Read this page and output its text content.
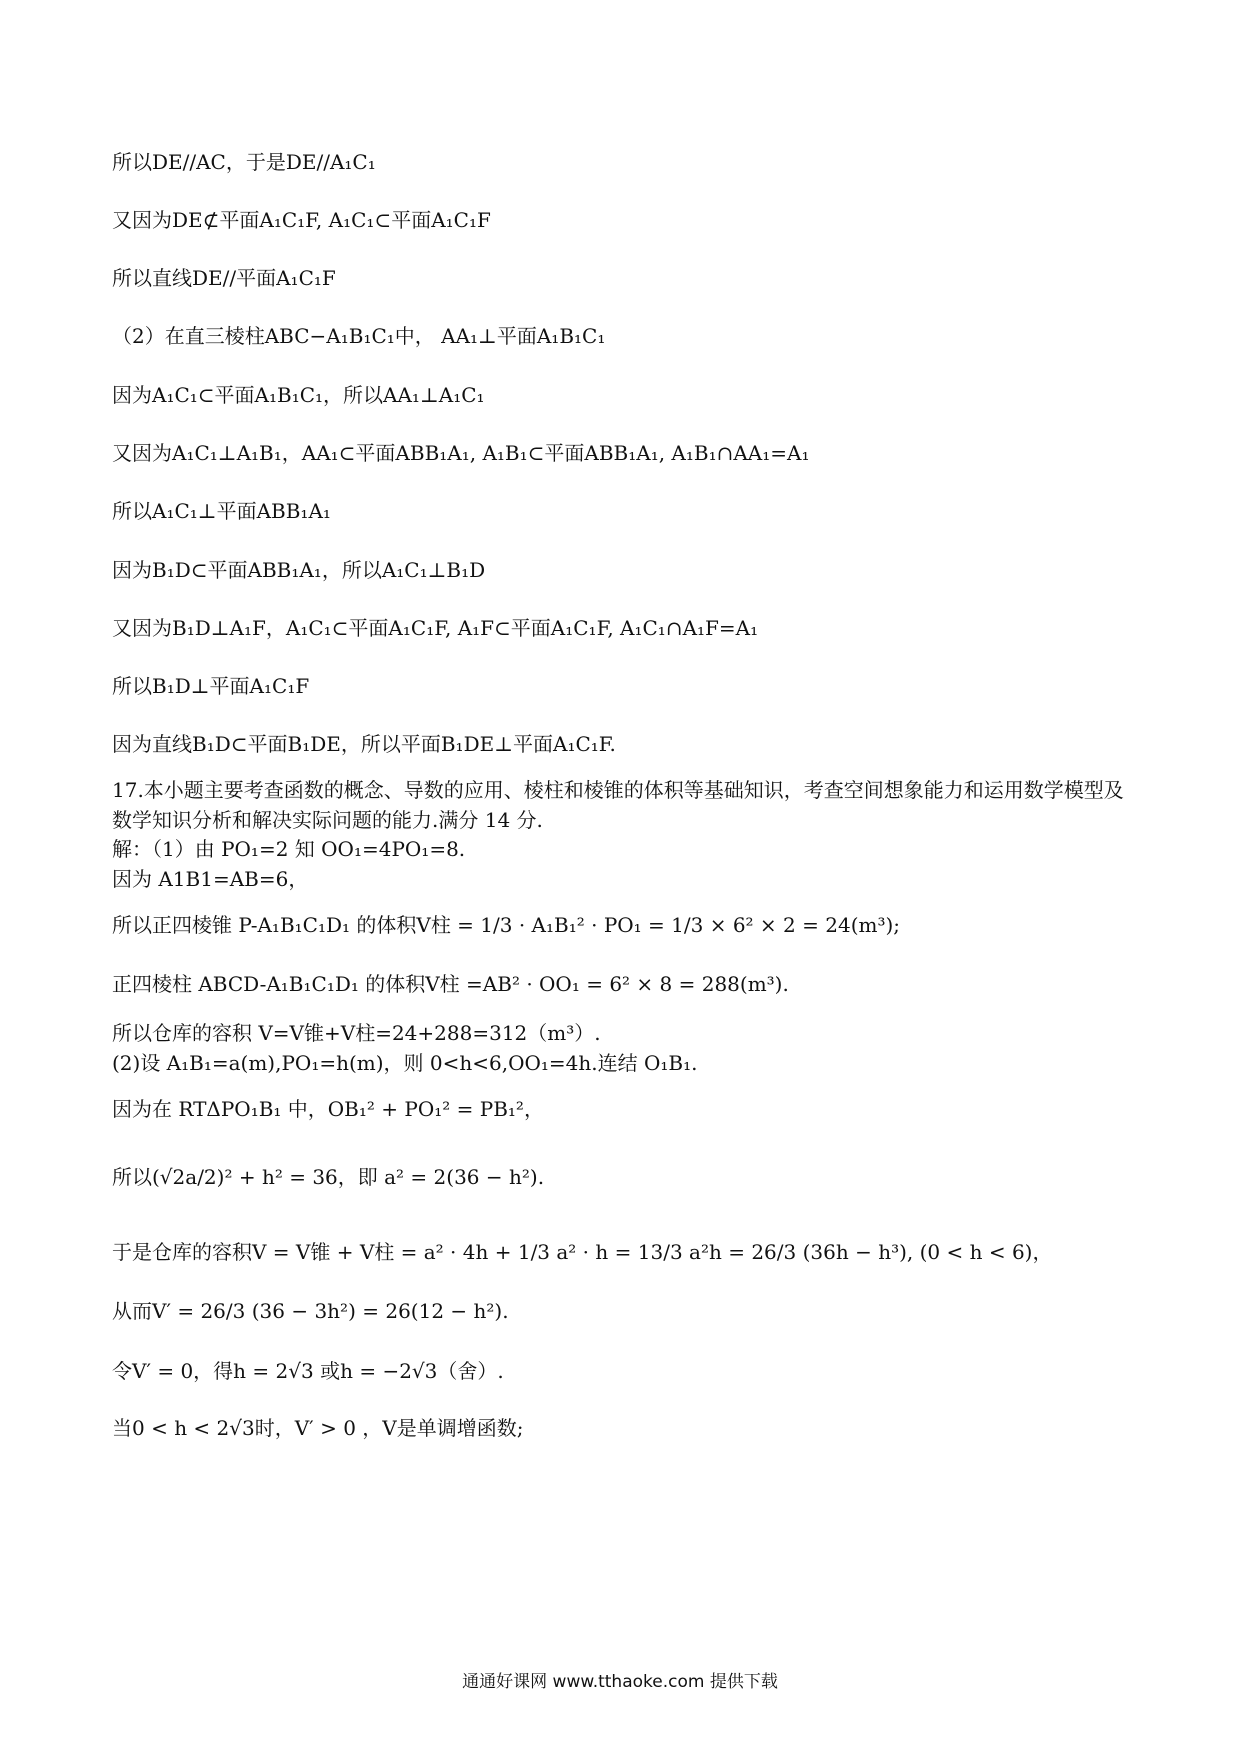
所以DE//AC，于是DE//A₁C₁
又因为DE⊄平面A₁C₁F, A₁C₁⊂平面A₁C₁F
所以直线DE//平面A₁C₁F
（2）在直三棱柱ABC−A₁B₁C₁中， AA₁⊥平面A₁B₁C₁
因为A₁C₁⊂平面A₁B₁C₁，所以AA₁⊥A₁C₁
又因为A₁C₁⊥A₁B₁，AA₁⊂平面ABB₁A₁, A₁B₁⊂平面ABB₁A₁, A₁B₁∩AA₁=A₁
所以A₁C₁⊥平面ABB₁A₁
因为B₁D⊂平面ABB₁A₁，所以A₁C₁⊥B₁D
又因为B₁D⊥A₁F，A₁C₁⊂平面A₁C₁F, A₁F⊂平面A₁C₁F, A₁C₁∩A₁F=A₁
所以B₁D⊥平面A₁C₁F
因为直线B₁D⊂平面B₁DE，所以平面B₁DE⊥平面A₁C₁F.
17.本小题主要考查函数的概念、导数的应用、棱柱和棱锥的体积等基础知识，考查空间想象能力和运用数学模型及数学知识分析和解决实际问题的能力.满分 14 分.
解：（1）由 PO₁=2 知 OO₁=4PO₁=8.
因为 A1B1=AB=6，
所以正四棱锥 P-A₁B₁C₁D₁ 的体积V柱 = 1/3 · A₁B₁² · PO₁ = 1/3 × 6² × 2 = 24(m³);
正四棱柱 ABCD-A₁B₁C₁D₁ 的体积V柱 =AB² · OO₁ = 6² × 8 = 288(m³).
所以仓库的容积 V=V锥+V柱=24+288=312（m³）.
(2)设 A₁B₁=a(m),PO₁=h(m)，则 0<h<6,OO₁=4h.连结 O₁B₁.
因为在 RTΔPO₁B₁ 中，OB₁² + PO₁² = PB₁²，
所以(√2a/2)² + h² = 36，即 a² = 2(36 − h²).
于是仓库的容积V = V锥 + V柱 = a² · 4h + 1/3 a² · h = 13/3 a²h = 26/3 (36h − h³), (0 < h < 6)，
从而V′ = 26/3 (36 − 3h²) = 26(12 − h²).
令V′ = 0，得h = 2√3 或h = −2√3（舍）.
当0 < h < 2√3时，V′ > 0 ，V是单调增函数;
通通好课网 www.tthaoke.com 提供下载
